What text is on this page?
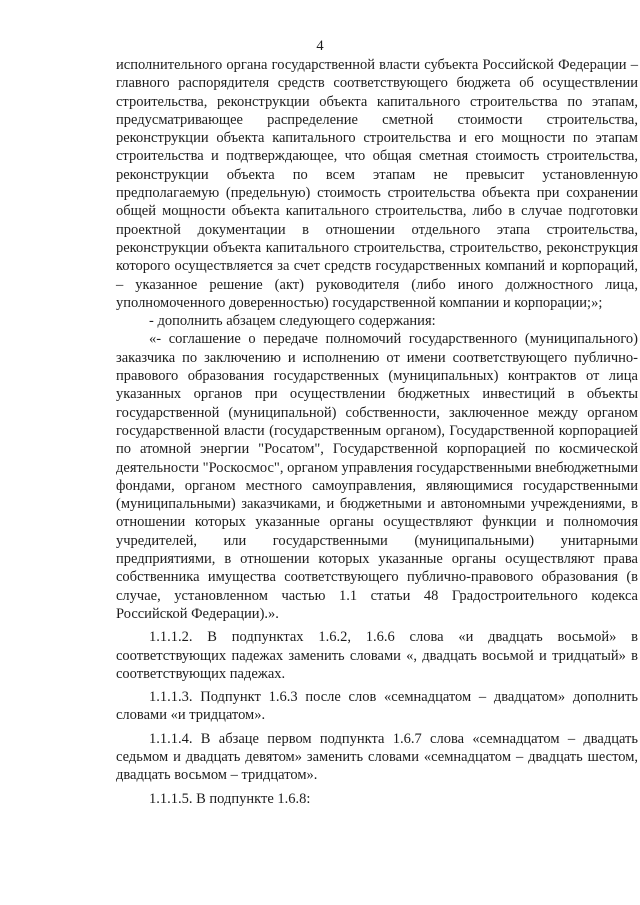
4

исполнительного органа государственной власти субъекта Российской Федерации – главного распорядителя средств соответствующего бюджета об осуществлении строительства, реконструкции объекта капитального строительства по этапам, предусматривающее распределение сметной стоимости строительства, реконструкции объекта капитального строительства и его мощности по этапам строительства и подтверждающее, что общая сметная стоимость строительства, реконструкции объекта по всем этапам не превысит установленную предполагаемую (предельную) стоимость строительства объекта при сохранении общей мощности объекта капитального строительства, либо в случае подготовки проектной документации в отношении отдельного этапа строительства, реконструкции объекта капитального строительства, строительство, реконструкция которого осуществляется за счет средств государственных компаний и корпораций, – указанное решение (акт) руководителя (либо иного должностного лица, уполномоченного доверенностью) государственной компании и корпорации;»;

- дополнить абзацем следующего содержания:

«- соглашение о передаче полномочий государственного (муниципального) заказчика по заключению и исполнению от имени соответствующего публично-правового образования государственных (муниципальных) контрактов от лица указанных органов при осуществлении бюджетных инвестиций в объекты государственной (муниципальной) собственности, заключенное между органом государственной власти (государственным органом), Государственной корпорацией по атомной энергии "Росатом", Государственной корпорацией по космической деятельности "Роскосмос", органом управления государственными внебюджетными фондами, органом местного самоуправления, являющимися государственными (муниципальными) заказчиками, и бюджетными и автономными учреждениями, в отношении которых указанные органы осуществляют функции и полномочия учредителей, или государственными (муниципальными) унитарными предприятиями, в отношении которых указанные органы осуществляют права собственника имущества соответствующего публично-правового образования (в случае, установленном частью 1.1 статьи 48 Градостроительного кодекса Российской Федерации).».

1.1.1.2. В подпунктах 1.6.2, 1.6.6 слова «и двадцать восьмой» в соответствующих падежах заменить словами «, двадцать восьмой и тридцатый» в соответствующих падежах.

1.1.1.3. Подпункт 1.6.3 после слов «семнадцатом – двадцатом» дополнить словами «и тридцатом».

1.1.1.4. В абзаце первом подпункта 1.6.7 слова «семнадцатом – двадцать седьмом и двадцать девятом» заменить словами «семнадцатом – двадцать шестом, двадцать восьмом – тридцатом».

1.1.1.5. В подпункте 1.6.8:
